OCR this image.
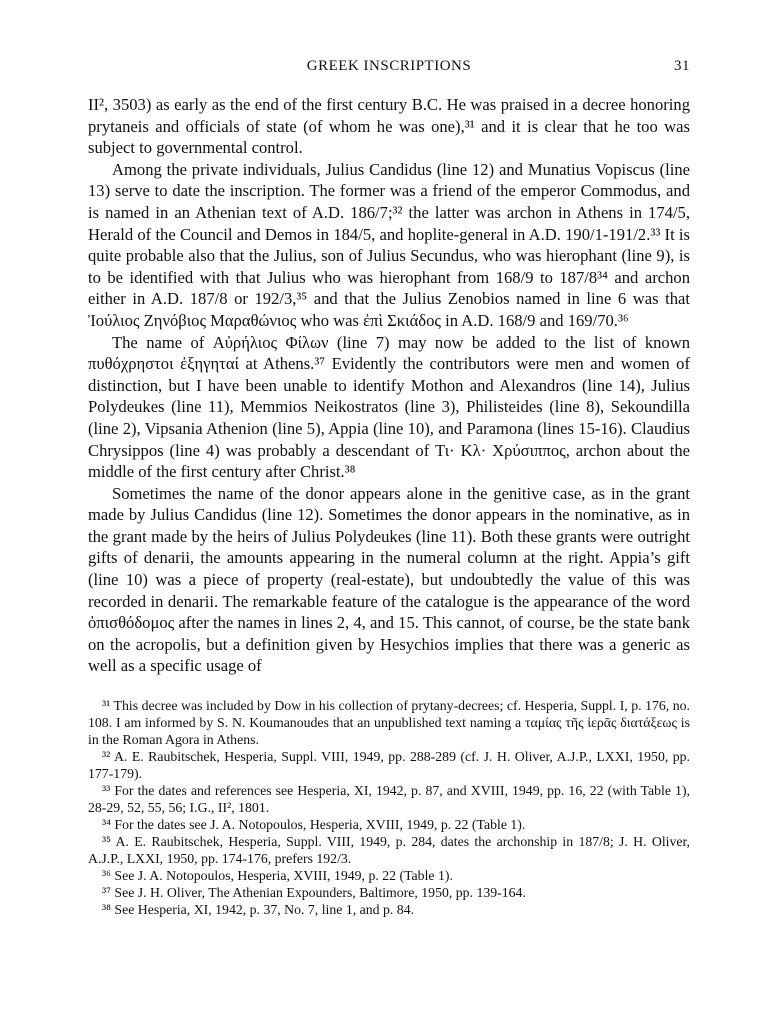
GREEK INSCRIPTIONS	31

II², 3503) as early as the end of the first century B.C. He was praised in a decree honoring prytaneis and officials of state (of whom he was one),³¹ and it is clear that he too was subject to governmental control.

Among the private individuals, Julius Candidus (line 12) and Munatius Vopiscus (line 13) serve to date the inscription. The former was a friend of the emperor Commodus, and is named in an Athenian text of A.D. 186/7;³² the latter was archon in Athens in 174/5, Herald of the Council and Demos in 184/5, and hoplite-general in A.D. 190/1-191/2.³³ It is quite probable also that the Julius, son of Julius Secundus, who was hierophant (line 9), is to be identified with that Julius who was hierophant from 168/9 to 187/8³⁴ and archon either in A.D. 187/8 or 192/3,³⁵ and that the Julius Zenobios named in line 6 was that Ἰούλιος Ζηνόβιος Μαραθώνιος who was ἐπὶ Σκιάδος in A.D. 168/9 and 169/70.³⁶

The name of Αὐρήλιος Φίλων (line 7) may now be added to the list of known πυθόχρηστοι ἐξηγηταί at Athens.³⁷ Evidently the contributors were men and women of distinction, but I have been unable to identify Mothon and Alexandros (line 14), Julius Polydeukes (line 11), Memmios Neikostratos (line 3), Philisteides (line 8), Sekoundilla (line 2), Vipsania Athenion (line 5), Appia (line 10), and Paramona (lines 15-16). Claudius Chrysippos (line 4) was probably a descendant of Τι· Κλ· Χρύσιππος, archon about the middle of the first century after Christ.³⁸

Sometimes the name of the donor appears alone in the genitive case, as in the grant made by Julius Candidus (line 12). Sometimes the donor appears in the nominative, as in the grant made by the heirs of Julius Polydeukes (line 11). Both these grants were outright gifts of denarii, the amounts appearing in the numeral column at the right. Appia’s gift (line 10) was a piece of property (real-estate), but undoubtedly the value of this was recorded in denarii. The remarkable feature of the catalogue is the appearance of the word ὀπισθόδομος after the names in lines 2, 4, and 15. This cannot, of course, be the state bank on the acropolis, but a definition given by Hesychios implies that there was a generic as well as a specific usage of

³¹ This decree was included by Dow in his collection of prytany-decrees; cf. Hesperia, Suppl. I, p. 176, no. 108. I am informed by S. N. Koumanoudes that an unpublished text naming a ταμίας τῆς ἱερᾶς διατάξεως is in the Roman Agora in Athens.

³² A. E. Raubitschek, Hesperia, Suppl. VIII, 1949, pp. 288-289 (cf. J. H. Oliver, A.J.P., LXXI, 1950, pp. 177-179).

³³ For the dates and references see Hesperia, XI, 1942, p. 87, and XVIII, 1949, pp. 16, 22 (with Table 1), 28-29, 52, 55, 56; I.G., II², 1801.

³⁴ For the dates see J. A. Notopoulos, Hesperia, XVIII, 1949, p. 22 (Table 1).

³⁵ A. E. Raubitschek, Hesperia, Suppl. VIII, 1949, p. 284, dates the archonship in 187/8; J. H. Oliver, A.J.P., LXXI, 1950, pp. 174-176, prefers 192/3.

³⁶ See J. A. Notopoulos, Hesperia, XVIII, 1949, p. 22 (Table 1).

³⁷ See J. H. Oliver, The Athenian Expounders, Baltimore, 1950, pp. 139-164.

³⁸ See Hesperia, XI, 1942, p. 37, No. 7, line 1, and p. 84.
